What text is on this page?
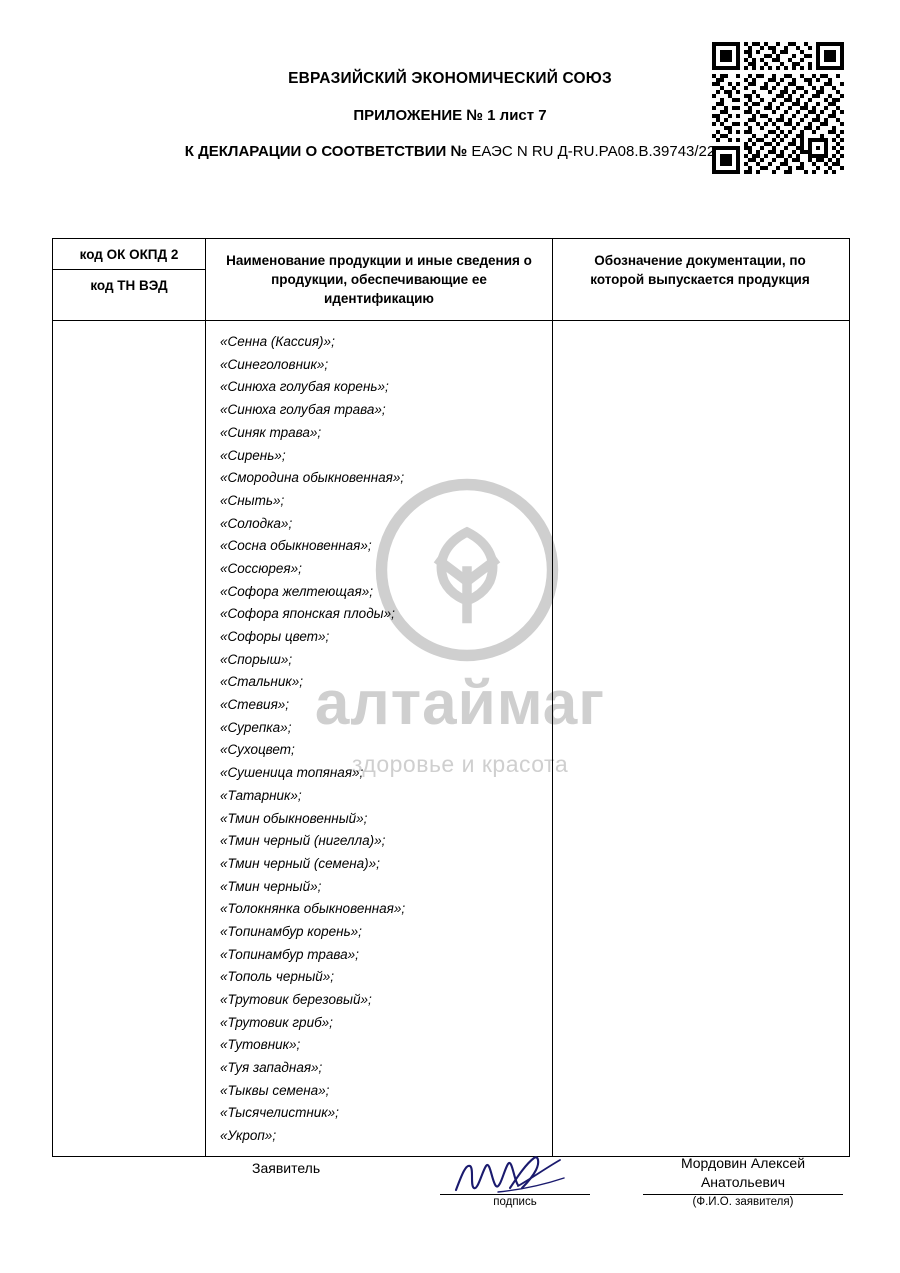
ЕВРАЗИЙСКИЙ ЭКОНОМИЧЕСКИЙ СОЮЗ
ПРИЛОЖЕНИЕ № 1 лист 7
К ДЕКЛАРАЦИИ О СООТВЕТСТВИИ № ЕАЭС N RU Д-RU.РА08.В.39743/22
алтаймаг
здоровье и красота
код ОК ОКПД 2
код ТН ВЭД
Наименование продукции и иные сведения о продукции, обеспечивающие ее идентификацию
Обозначение документации, по которой выпускается продукция
«Сенна (Кассия)»;
«Синеголовник»;
«Синюха голубая корень»;
«Синюха голубая трава»;
«Синяк трава»;
«Сирень»;
«Смородина обыкновенная»;
«Сныть»;
«Солодка»;
«Сосна обыкновенная»;
«Соссюрея»;
«Софора желтеющая»;
«Софора японская плоды»;
«Софоры цвет»;
«Спорыш»;
«Стальник»;
«Стевия»;
«Сурепка»;
«Сухоцвет;
«Сушеница топяная»;
«Татарник»;
«Тмин обыкновенный»;
«Тмин черный (нигелла)»;
«Тмин черный (семена)»;
«Тмин черный»;
«Толокнянка обыкновенная»;
«Топинамбур корень»;
«Топинамбур трава»;
«Тополь черный»;
«Трутовик березовый»;
«Трутовик гриб»;
«Тутовник»;
«Туя западная»;
«Тыквы семена»;
«Тысячелистник»;
«Укроп»;
Заявитель
подпись
Мордовин Алексей
Анатольевич
(Ф.И.О. заявителя)
